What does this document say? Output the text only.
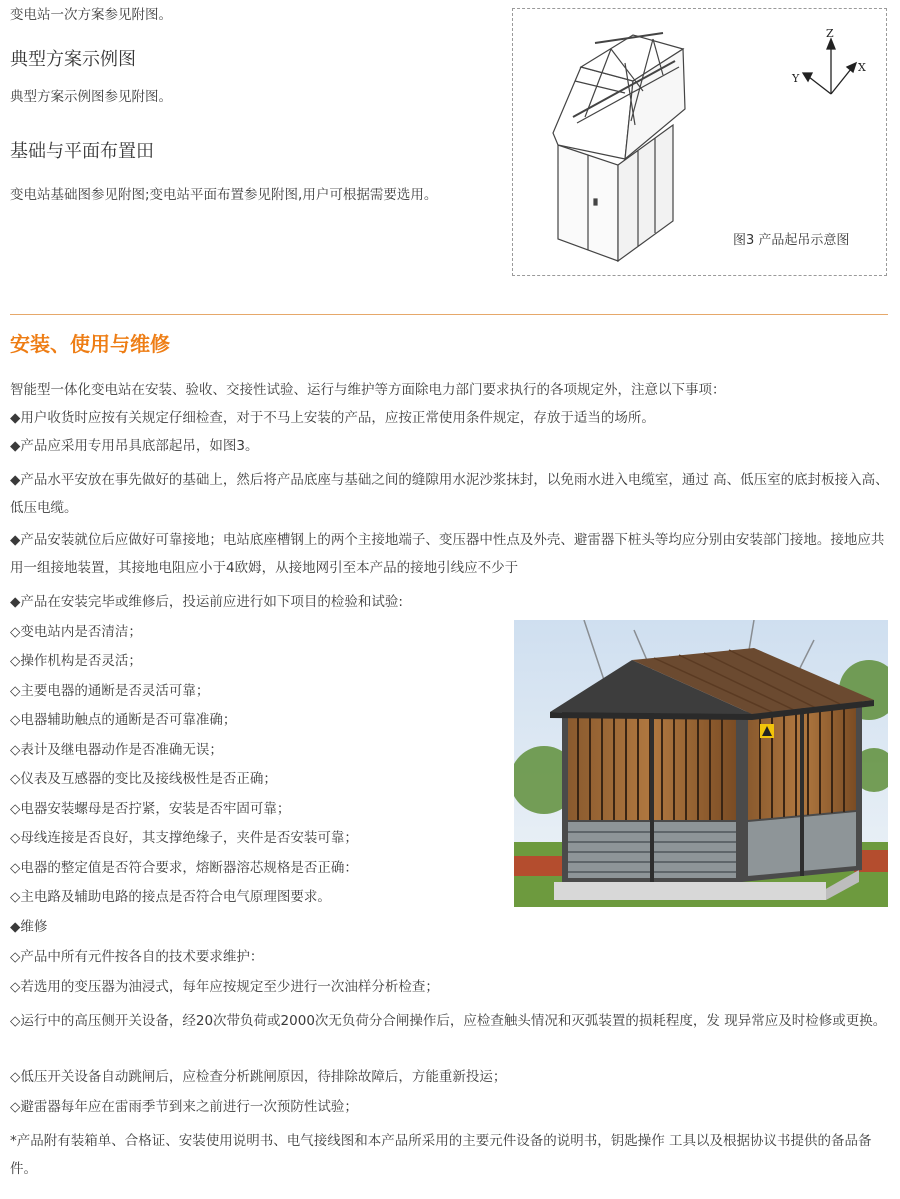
变电站一次方案参见附图。
典型方案示例图
典型方案示例图参见附图。
基础与平面布置田
变电站基础图参见附图;变电站平面布置参见附图,用户可根据需要选用。
Z
Y
X
图3 产品起吊示意图
安装、使用与维修
智能型一体化变电站在安装、验收、交接性试验、运行与维护等方面除电力部门要求执行的各项规定外，注意以下事项：
◆用户收货时应按有关规定仔细检查，对于不马上安装的产品，应按正常使用条件规定，存放于适当的场所。
◆产品应采用专用吊具底部起吊，如图3。
◆产品水平安放在事先做好的基础上，然后将产品底座与基础之间的缝隙用水泥沙浆抹封，以免雨水进入电缆室，通过 高、低压室的底封板接入高、低压电缆。
◆产品安装就位后应做好可靠接地；电站底座槽钢上的两个主接地端子、变压器中性点及外壳、避雷器下桩头等均应分别由安装部门接地。接地应共用一组接地装置，其接地电阻应小于4欧姆，从接地网引至本产品的接地引线应不少于
◆产品在安装完毕或维修后，投运前应进行如下项目的检验和试验:
◇变电站内是否清洁；
◇操作机构是否灵活；
◇主要电器的通断是否灵活可靠；
◇电器辅助触点的通断是否可靠准确；
◇表计及继电器动作是否准确无误；
◇仪表及互感器的变比及接线极性是否正确；
◇电器安装螺母是否拧紧，安装是否牢固可靠；
◇母线连接是否良好，其支撑绝缘子，夹件是否安装可靠；
◇电器的整定值是否符合要求，熔断器溶芯规格是否正确：
◇主电路及辅助电路的接点是否符合电气原理图要求。
◆维修
◇产品中所有元件按各自的技术要求维护：
◇若选用的变压器为油浸式，每年应按规定至少进行一次油样分析检查；
◇运行中的高压侧开关设备，经20次带负荷或2000次无负荷分合闸操作后，应检查触头情况和灭弧装置的损耗程度，发 现异常应及时检修或更换。
◇低压开关设备自动跳闸后，应检查分析跳闸原因，待排除故障后，方能重新投运；
◇避雷器每年应在雷雨季节到来之前进行一次预防性试验；
*产品附有装箱单、合格证、安装使用说明书、电气接线图和本产品所采用的主要元件设备的说明书，钥匙操作 工具以及根据协议书提供的备品备件。
